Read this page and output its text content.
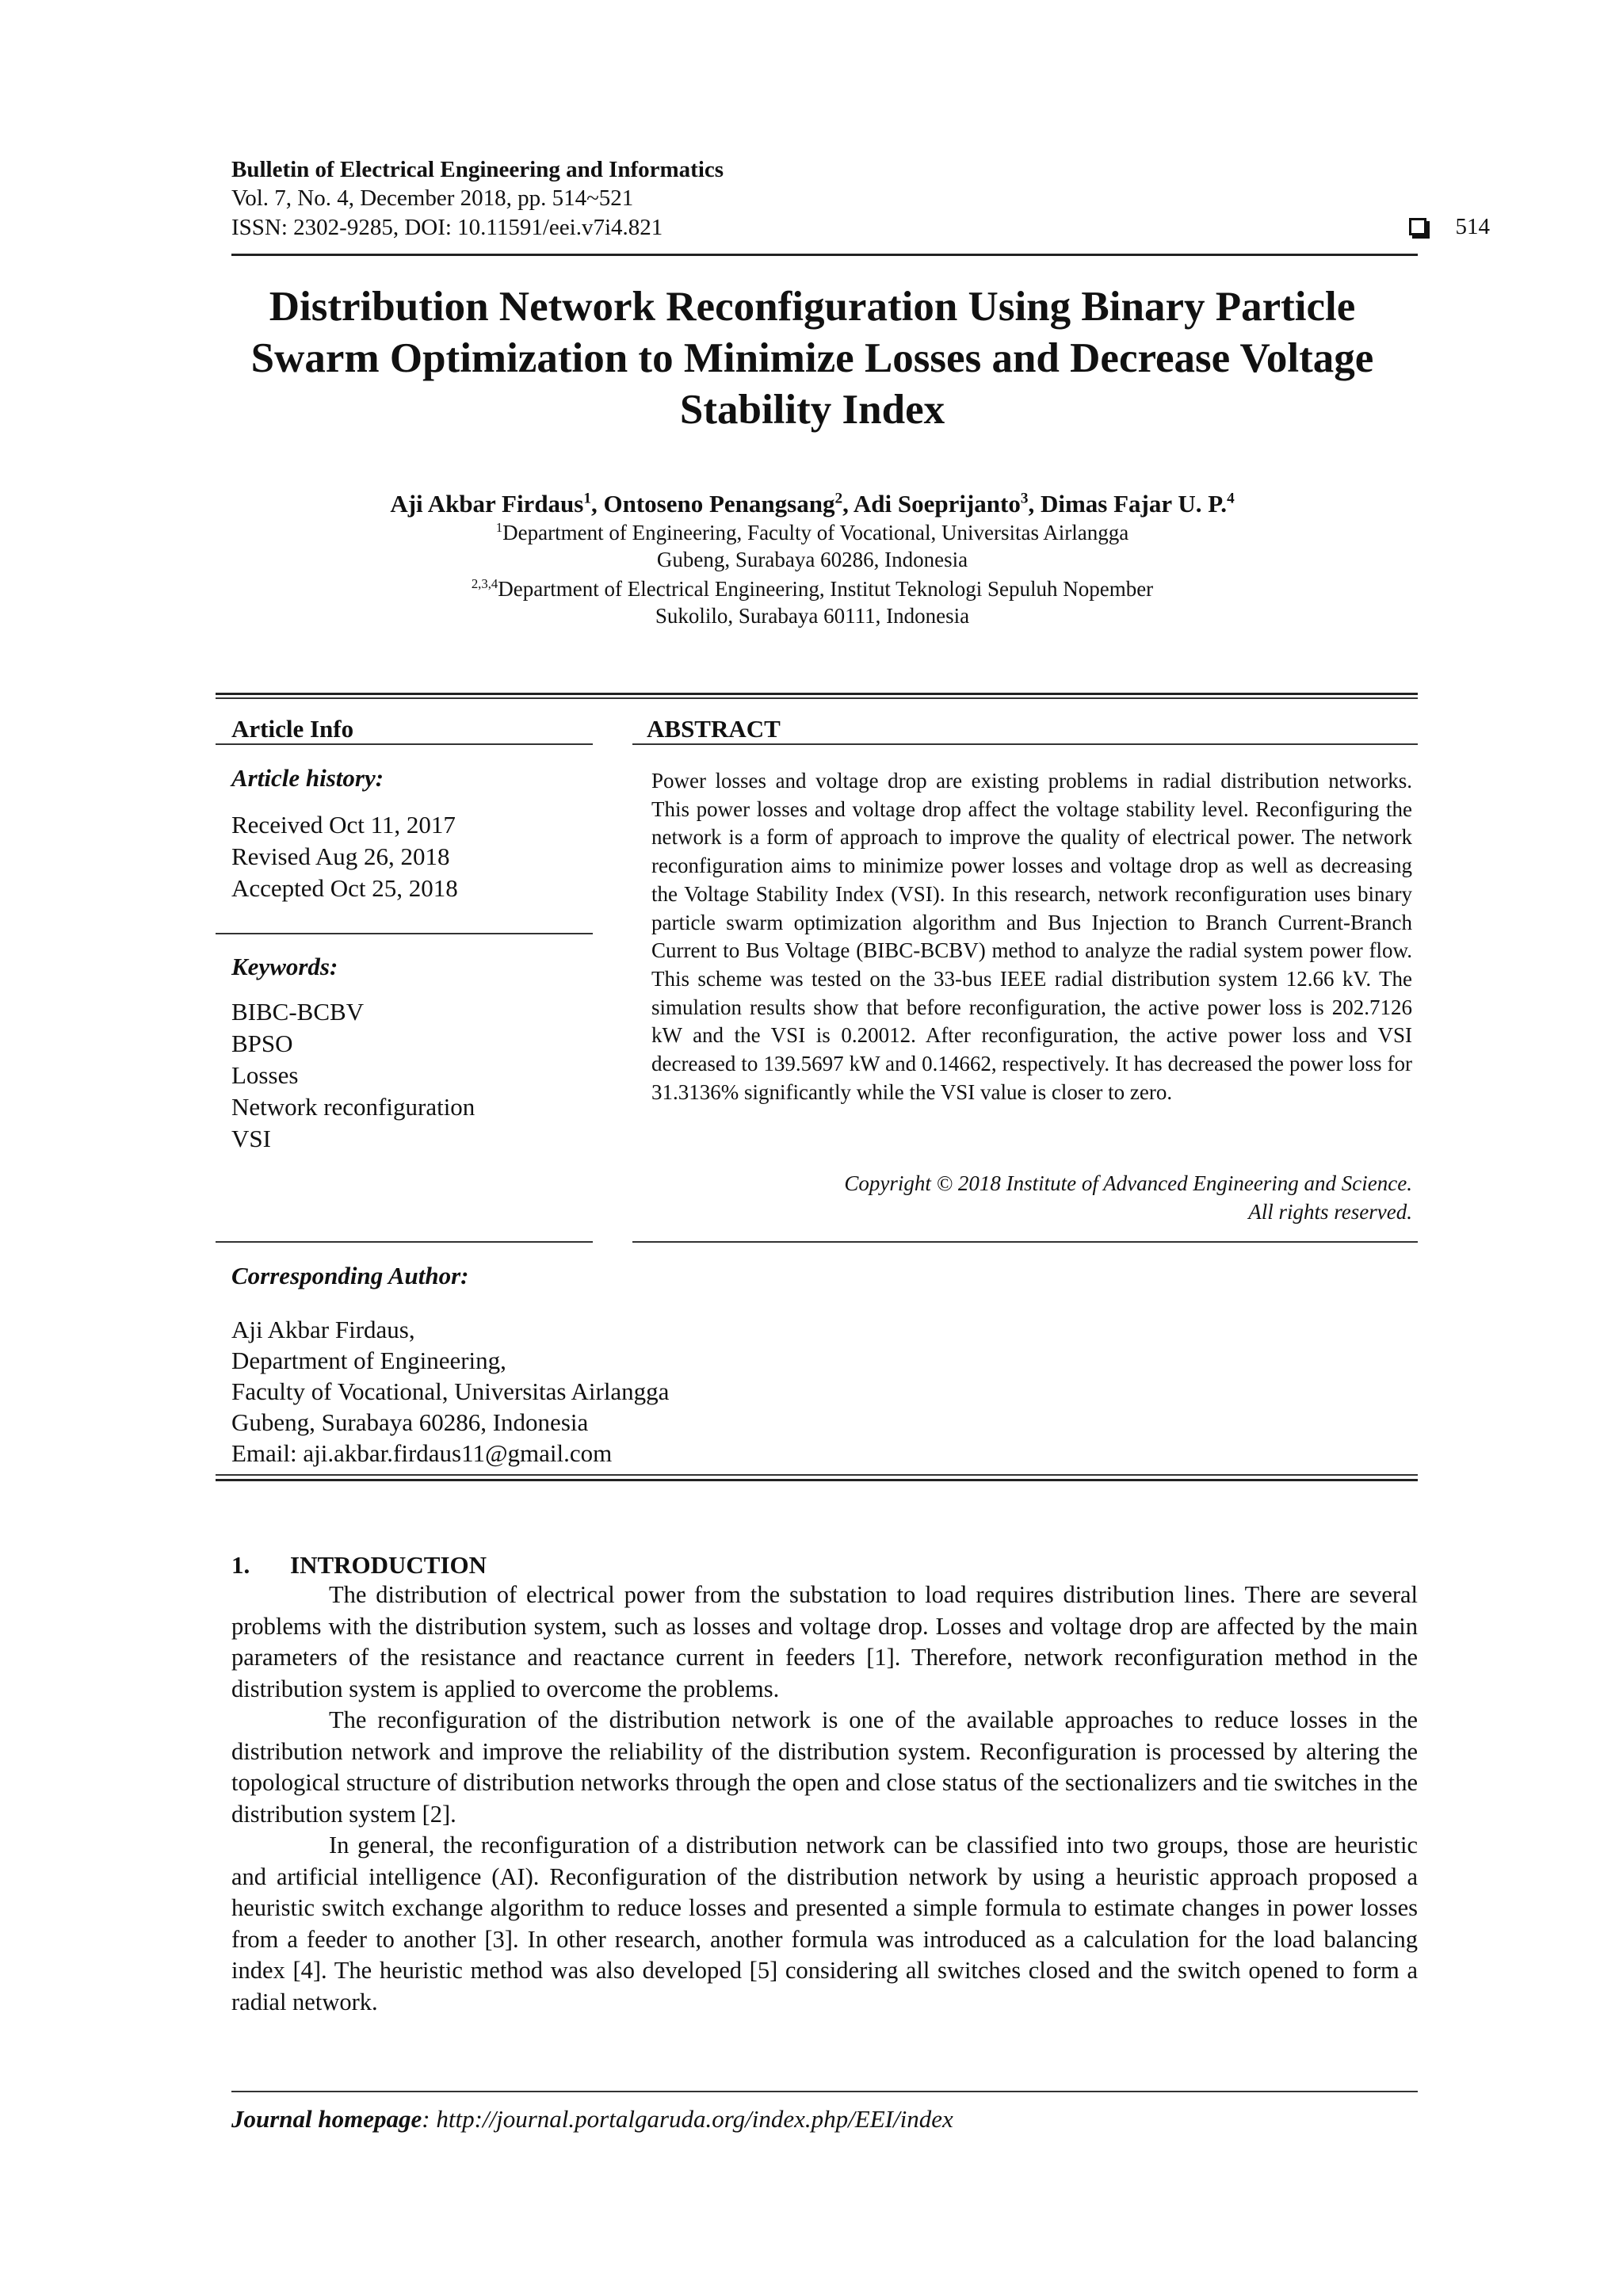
Bulletin of Electrical Engineering and Informatics
Vol. 7, No. 4, December 2018, pp. 514~521
ISSN: 2302-9285, DOI: 10.11591/eei.v7i4.821	514
Distribution Network Reconfiguration Using Binary Particle
Swarm Optimization to Minimize Losses and Decrease Voltage
Stability Index
Aji Akbar Firdaus$^1$, Ontoseno Penangsang$^2$, Adi Soeprijanto$^3$, Dimas Fajar U. P.$^4$
$^1$Department of Engineering, Faculty of Vocational, Universitas Airlangga
Gubeng, Surabaya 60286, Indonesia
$^{2,3,4}$Department of Electrical Engineering, Institut Teknologi Sepuluh Nopember
Sukolilo, Surabaya 60111, Indonesia
Article Info
Article history:
Received Oct 11, 2017
Revised Aug 26, 2018
Accepted Oct 25, 2018
Keywords:
BIBC-BCBV
BPSO
Losses
Network reconfiguration
VSI
ABSTRACT
Power losses and voltage drop are existing problems in radial distribution networks. This power losses and voltage drop affect the voltage stability level. Reconfiguring the network is a form of approach to improve the quality of electrical power. The network reconfiguration aims to minimize power losses and voltage drop as well as decreasing the Voltage Stability Index (VSI). In this research, network reconfiguration uses binary particle swarm optimization algorithm and Bus Injection to Branch Current-Branch Current to Bus Voltage (BIBC-BCBV) method to analyze the radial system power flow. This scheme was tested on the 33-bus IEEE radial distribution system 12.66 kV. The simulation results show that before reconfiguration, the active power loss is 202.7126 kW and the VSI is 0.20012. After reconfiguration, the active power loss and VSI decreased to 139.5697 kW and 0.14662, respectively. It has decreased the power loss for 31.3136% significantly while the VSI value is closer to zero.
Copyright © 2018 Institute of Advanced Engineering and Science.
All rights reserved.
Corresponding Author:
Aji Akbar Firdaus,
Department of Engineering,
Faculty of Vocational, Universitas Airlangga
Gubeng, Surabaya 60286, Indonesia
Email: aji.akbar.firdaus11@gmail.com
1. INTRODUCTION

The distribution of electrical power from the substation to load requires distribution lines. There are several problems with the distribution system, such as losses and voltage drop. Losses and voltage drop are affected by the main parameters of the resistance and reactance current in feeders [1]. Therefore, network reconfiguration method in the distribution system is applied to overcome the problems.

The reconfiguration of the distribution network is one of the available approaches to reduce losses in the distribution network and improve the reliability of the distribution system. Reconfiguration is processed by altering the topological structure of distribution networks through the open and close status of the sectionalizers and tie switches in the distribution system [2].

In general, the reconfiguration of a distribution network can be classified into two groups, those are heuristic and artificial intelligence (AI). Reconfiguration of the distribution network by using a heuristic approach proposed a heuristic switch exchange algorithm to reduce losses and presented a simple formula to estimate changes in power losses from a feeder to another [3]. In other research, another formula was introduced as a calculation for the load balancing index [4]. The heuristic method was also developed [5] considering all switches closed and the switch opened to form a radial network.

Journal homepage: http://journal.portalgaruda.org/index.php/EEI/index
